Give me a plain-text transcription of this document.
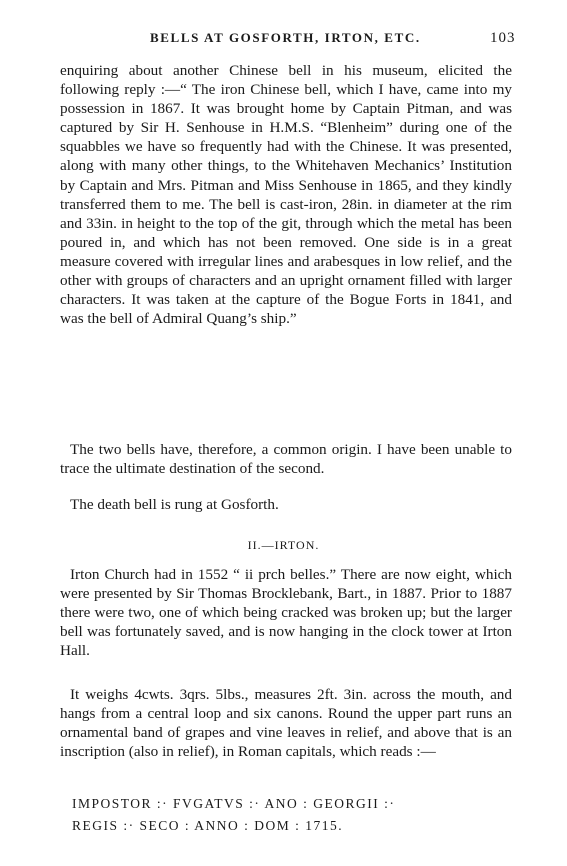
BELLS AT GOSFORTH, IRTON, ETC.	103
enquiring about another Chinese bell in his museum, elicited the following reply :—“ The iron Chinese bell, which I have, came into my possession in 1867. It was brought home by Captain Pitman, and was captured by Sir H. Senhouse in H.M.S. “Blenheim” during one of the squabbles we have so frequently had with the Chinese. It was presented, along with many other things, to the Whitehaven Mechanics’ Institution by Captain and Mrs. Pitman and Miss Senhouse in 1865, and they kindly transferred them to me. The bell is cast-iron, 28in. in diameter at the rim and 33in. in height to the top of the git, through which the metal has been poured in, and which has not been removed. One side is in a great measure covered with irregular lines and arabesques in low relief, and the other with groups of characters and an upright ornament filled with larger characters. It was taken at the capture of the Bogue Forts in 1841, and was the bell of Admiral Quang’s ship.”
The two bells have, therefore, a common origin. I have been unable to trace the ultimate destination of the second.
The death bell is rung at Gosforth.
II.—IRTON.
Irton Church had in 1552 “ ii prch belles.” There are now eight, which were presented by Sir Thomas Brocklebank, Bart., in 1887. Prior to 1887 there were two, one of which being cracked was broken up; but the larger bell was fortunately saved, and is now hanging in the clock tower at Irton Hall.
It weighs 4cwts. 3qrs. 5lbs., measures 2ft. 3in. across the mouth, and hangs from a central loop and six canons. Round the upper part runs an ornamental band of grapes and vine leaves in relief, and above that is an inscription (also in relief), in Roman capitals, which reads :—
IMPOSTOR :· FVGATVS :· ANO : GEORGII :·
REGIS :· SECO : ANNO : DOM : 1715.
